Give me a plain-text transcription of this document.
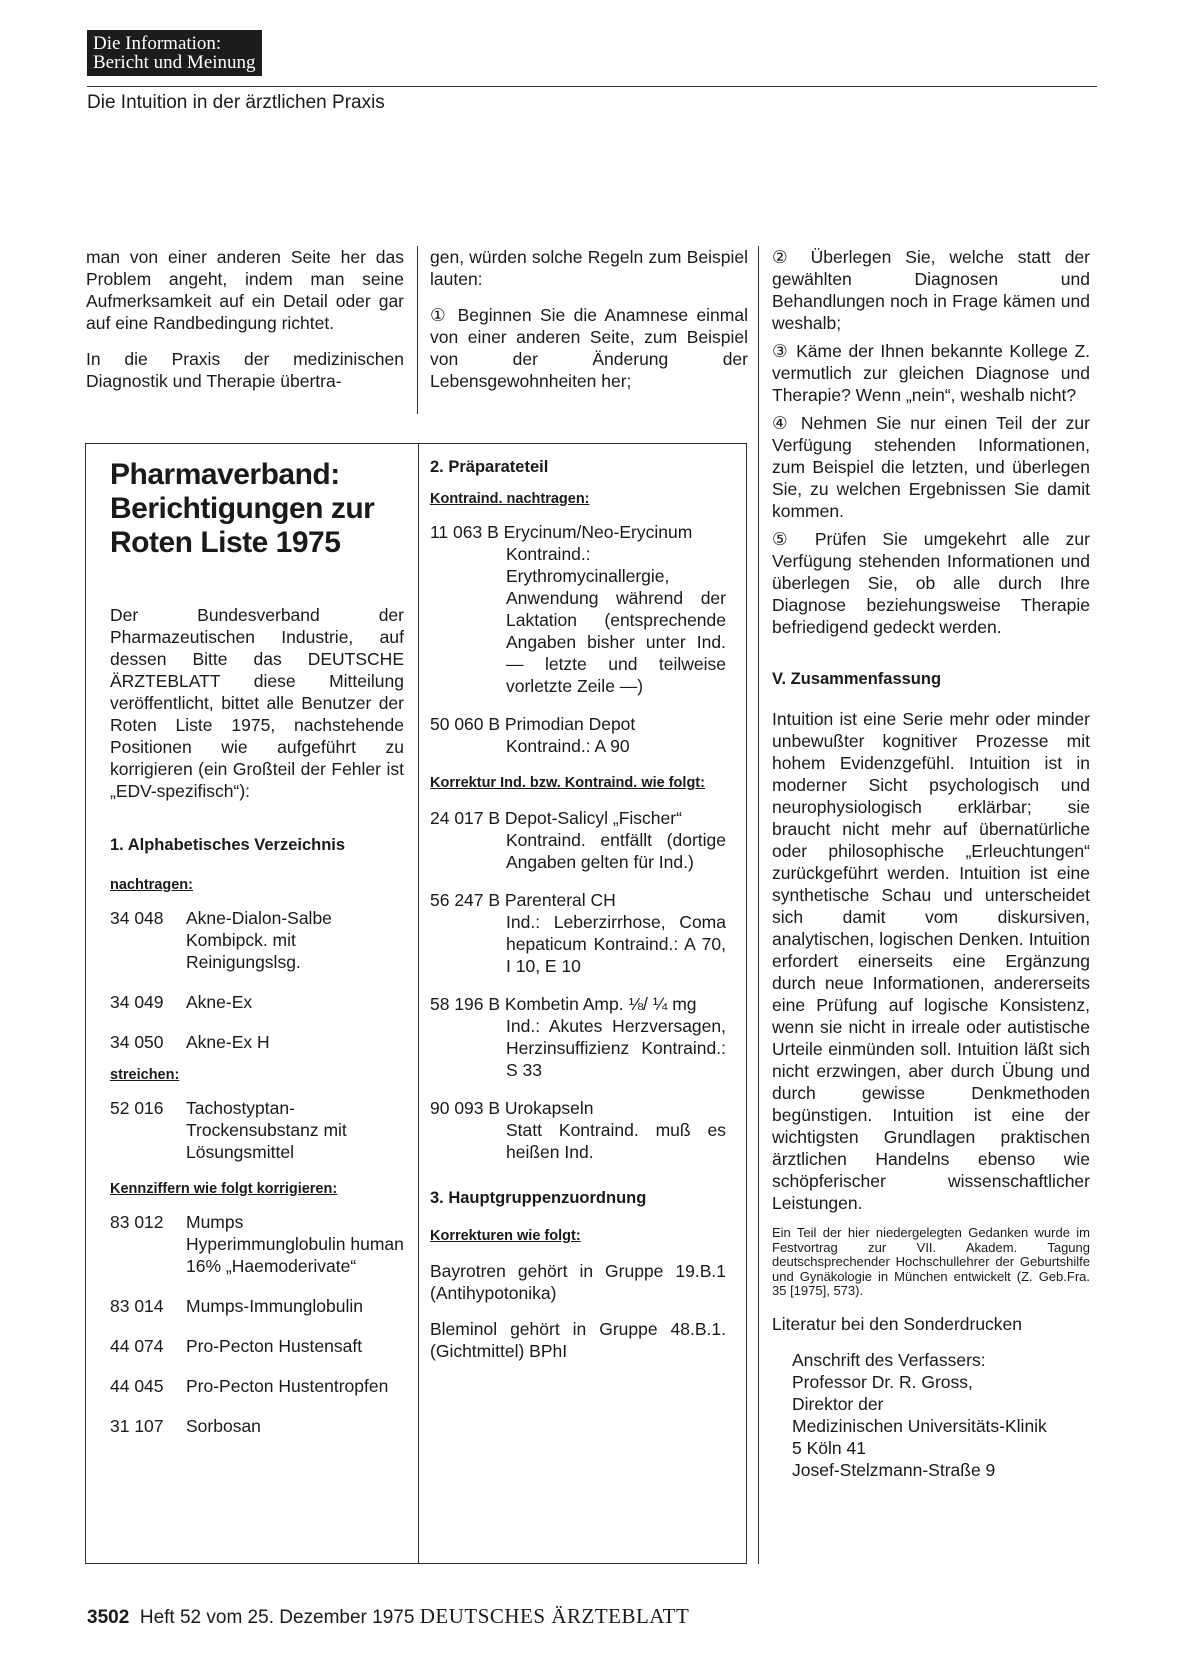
Die Information:
Bericht und Meinung
Die Intuition in der ärztlichen Praxis

man von einer anderen Seite her das Problem angeht, indem man seine Aufmerksamkeit auf ein Detail oder gar auf eine Randbedingung richtet.

In die Praxis der medizinischen Diagnostik und Therapie übertra-

gen, würden solche Regeln zum Beispiel lauten:

① Beginnen Sie die Anamnese einmal von einer anderen Seite, zum Beispiel von der Änderung der Lebensgewohnheiten her;

Pharmaverband: Berichtigungen zur Roten Liste 1975
Der Bundesverband der Pharmazeutischen Industrie, auf dessen Bitte das DEUTSCHE ÄRZTEBLATT diese Mitteilung veröffentlicht, bittet alle Benutzer der Roten Liste 1975, nachstehende Positionen wie aufgeführt zu korrigieren (ein Großteil der Fehler ist „EDV-spezifisch“):
1. Alphabetisches Verzeichnis
nachtragen:
34 048	Akne-Dialon-Salbe Kombipck. mit Reinigungslsg.
34 049	Akne-Ex
34 050	Akne-Ex H
streichen:
52 016	Tachostyptan-Trockensubstanz mit Lösungsmittel
Kennziffern wie folgt korrigieren:
83 012	Mumps Hyperimmunglobulin human 16% „Haemoderivate“
83 014	Mumps-Immunglobulin
44 074	Pro-Pecton Hustensaft
44 045	Pro-Pecton Hustentropfen
31 107	Sorbosan
2. Präparateteil
Kontraind. nachtragen:
11 063 B Erycinum/Neo-Erycinum
Kontraind.: Erythromycinallergie, Anwendung während der Laktation (entsprechende Angaben bisher unter Ind. — letzte und teilweise vorletzte Zeile —)
50 060 B Primodian Depot
Kontraind.: A 90
Korrektur Ind. bzw. Kontraind. wie folgt:
24 017 B Depot-Salicyl „Fischer“
Kontraind. entfällt (dortige Angaben gelten für Ind.)
56 247 B Parenteral CH
Ind.: Leberzirrhose, Coma hepaticum Kontraind.: A 70, I 10, E 10
58 196 B Kombetin Amp. ⅛/ ¼ mg
Ind.: Akutes Herzversagen, Herzinsuffizienz Kontraind.: S 33
90 093 B Urokapseln
Statt Kontraind. muß es heißen Ind.
3. Hauptgruppenzuordnung
Korrekturen wie folgt:
Bayrotren gehört in Gruppe 19.B.1 (Antihypotonika)
Bleminol gehört in Gruppe 48.B.1. (Gichtmittel) BPhI

② Überlegen Sie, welche statt der gewählten Diagnosen und Behandlungen noch in Frage kämen und weshalb;

③ Käme der Ihnen bekannte Kollege Z. vermutlich zur gleichen Diagnose und Therapie? Wenn „nein“, weshalb nicht?

④ Nehmen Sie nur einen Teil der zur Verfügung stehenden Informationen, zum Beispiel die letzten, und überlegen Sie, zu welchen Ergebnissen Sie damit kommen.

⑤ Prüfen Sie umgekehrt alle zur Verfügung stehenden Informationen und überlegen Sie, ob alle durch Ihre Diagnose beziehungsweise Therapie befriedigend gedeckt werden.

V. Zusammenfassung

Intuition ist eine Serie mehr oder minder unbewußter kognitiver Prozesse mit hohem Evidenzgefühl. Intuition ist in moderner Sicht psychologisch und neurophysiologisch erklärbar; sie braucht nicht mehr auf übernatürliche oder philosophische „Erleuchtungen“ zurückgeführt werden. Intuition ist eine synthetische Schau und unterscheidet sich damit vom diskursiven, analytischen, logischen Denken. Intuition erfordert einerseits eine Ergänzung durch neue Informationen, andererseits eine Prüfung auf logische Konsistenz, wenn sie nicht in irreale oder autistische Urteile einmünden soll. Intuition läßt sich nicht erzwingen, aber durch Übung und durch gewisse Denkmethoden begünstigen. Intuition ist eine der wichtigsten Grundlagen praktischen ärztlichen Handelns ebenso wie schöpferischer wissenschaftlicher Leistungen.

Ein Teil der hier niedergelegten Gedanken wurde im Festvortrag zur VII. Akadem. Tagung deutschsprechender Hochschullehrer der Geburtshilfe und Gynäkologie in München entwickelt (Z. Geb.Fra. 35 [1975], 573).
Literatur bei den Sonderdrucken
Anschrift des Verfassers:
Professor Dr. R. Gross,
Direktor der
Medizinischen Universitäts-Klinik
5 Köln 41
Josef-Stelzmann-Straße 9
3502 Heft 52 vom 25. Dezember 1975 DEUTSCHES ÄRZTEBLATT
